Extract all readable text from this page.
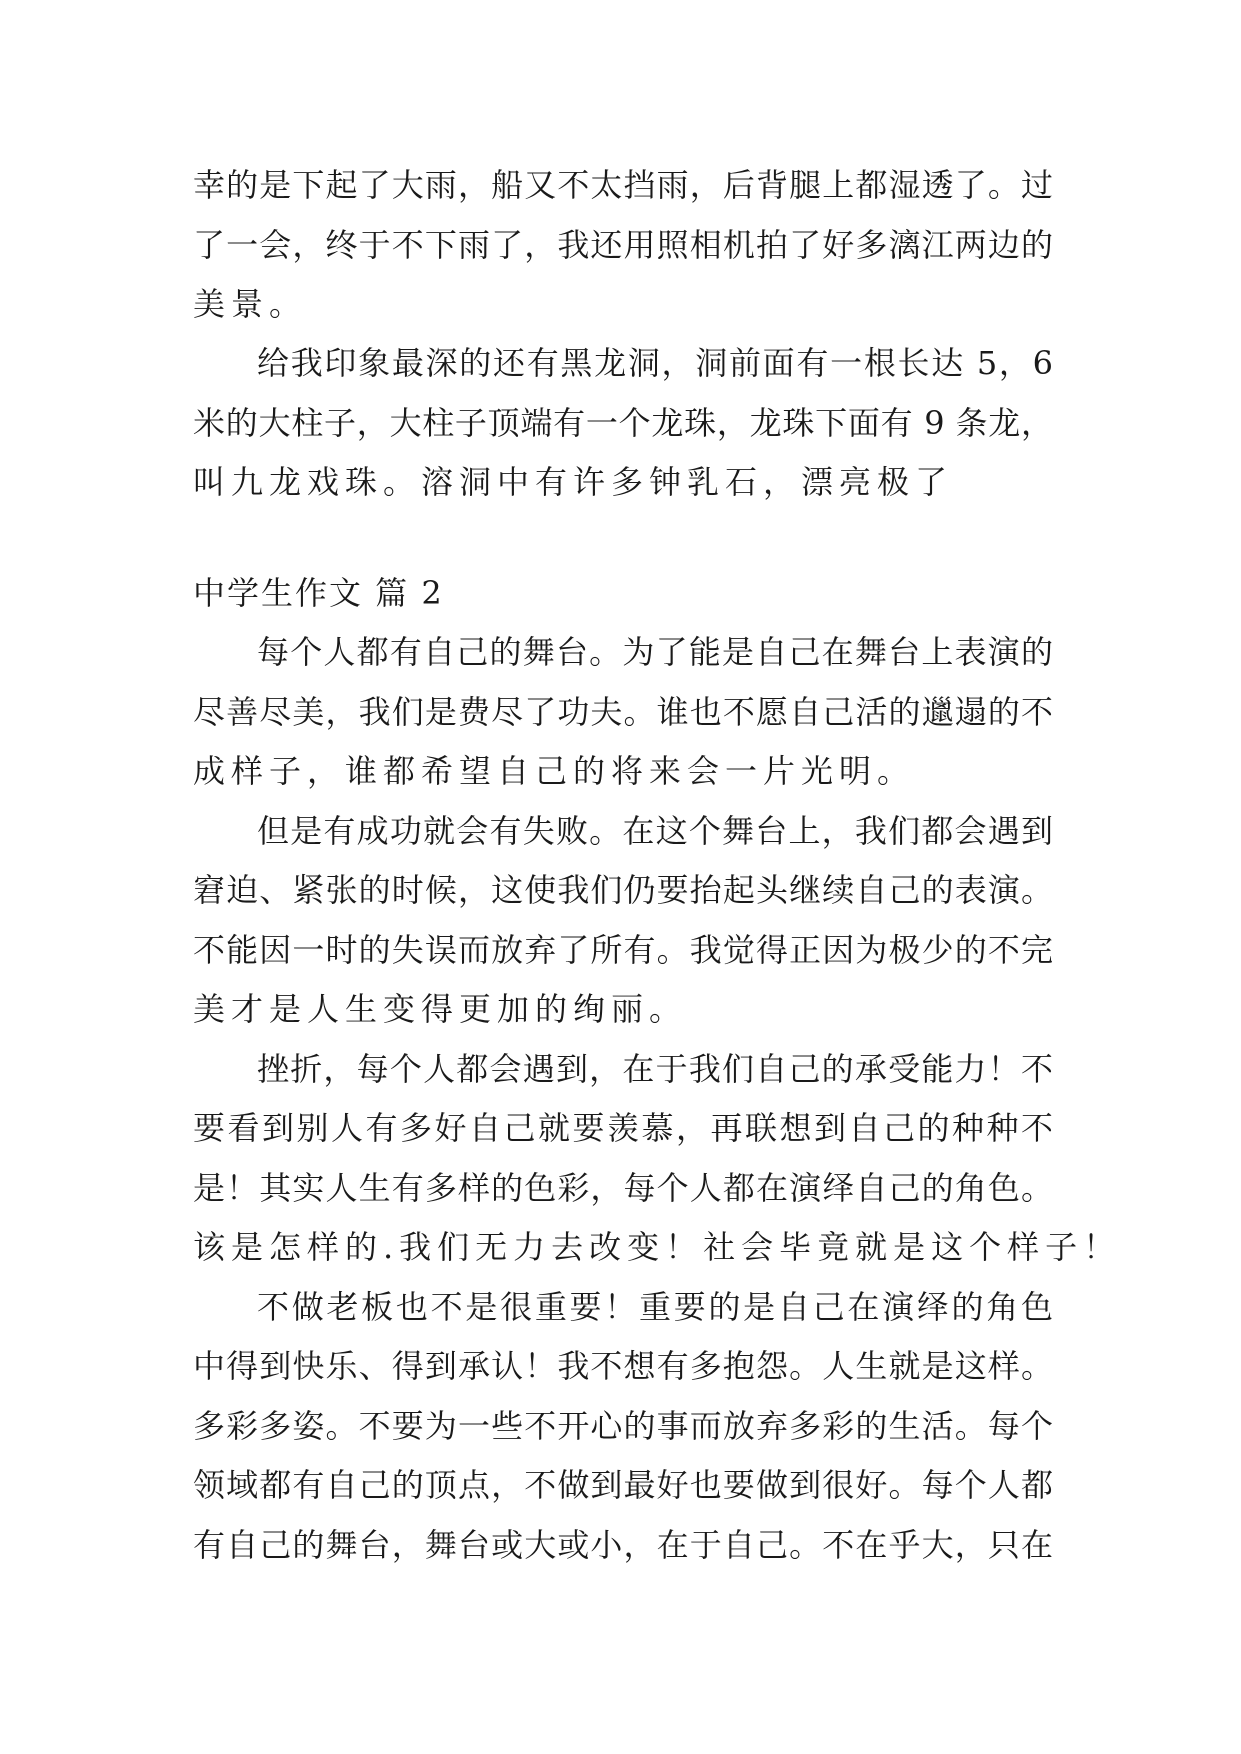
幸的是下起了大雨，船又不太挡雨，后背腿上都湿透了。过
了一会，终于不下雨了，我还用照相机拍了好多漓江两边的
美景。
给我印象最深的还有黑龙洞，洞前面有一根长达 5，6
米的大柱子，大柱子顶端有一个龙珠，龙珠下面有 9 条龙，
叫九龙戏珠。溶洞中有许多钟乳石，漂亮极了
中学生作文 篇 2
每个人都有自己的舞台。为了能是自己在舞台上表演的
尽善尽美，我们是费尽了功夫。谁也不愿自己活的邋遢的不
成样子，谁都希望自己的将来会一片光明。
但是有成功就会有失败。在这个舞台上，我们都会遇到
窘迫、紧张的时候，这使我们仍要抬起头继续自己的表演。
不能因一时的失误而放弃了所有。我觉得正因为极少的不完
美才是人生变得更加的绚丽。
挫折，每个人都会遇到，在于我们自己的承受能力！不
要看到别人有多好自己就要羡慕，再联想到自己的种种不
是！其实人生有多样的色彩，每个人都在演绎自己的角色。
该是怎样的.我们无力去改变！社会毕竟就是这个样子！
不做老板也不是很重要！重要的是自己在演绎的角色
中得到快乐、得到承认！我不想有多抱怨。人生就是这样。
多彩多姿。不要为一些不开心的事而放弃多彩的生活。每个
领域都有自己的顶点，不做到最好也要做到很好。每个人都
有自己的舞台，舞台或大或小，在于自己。不在乎大，只在
